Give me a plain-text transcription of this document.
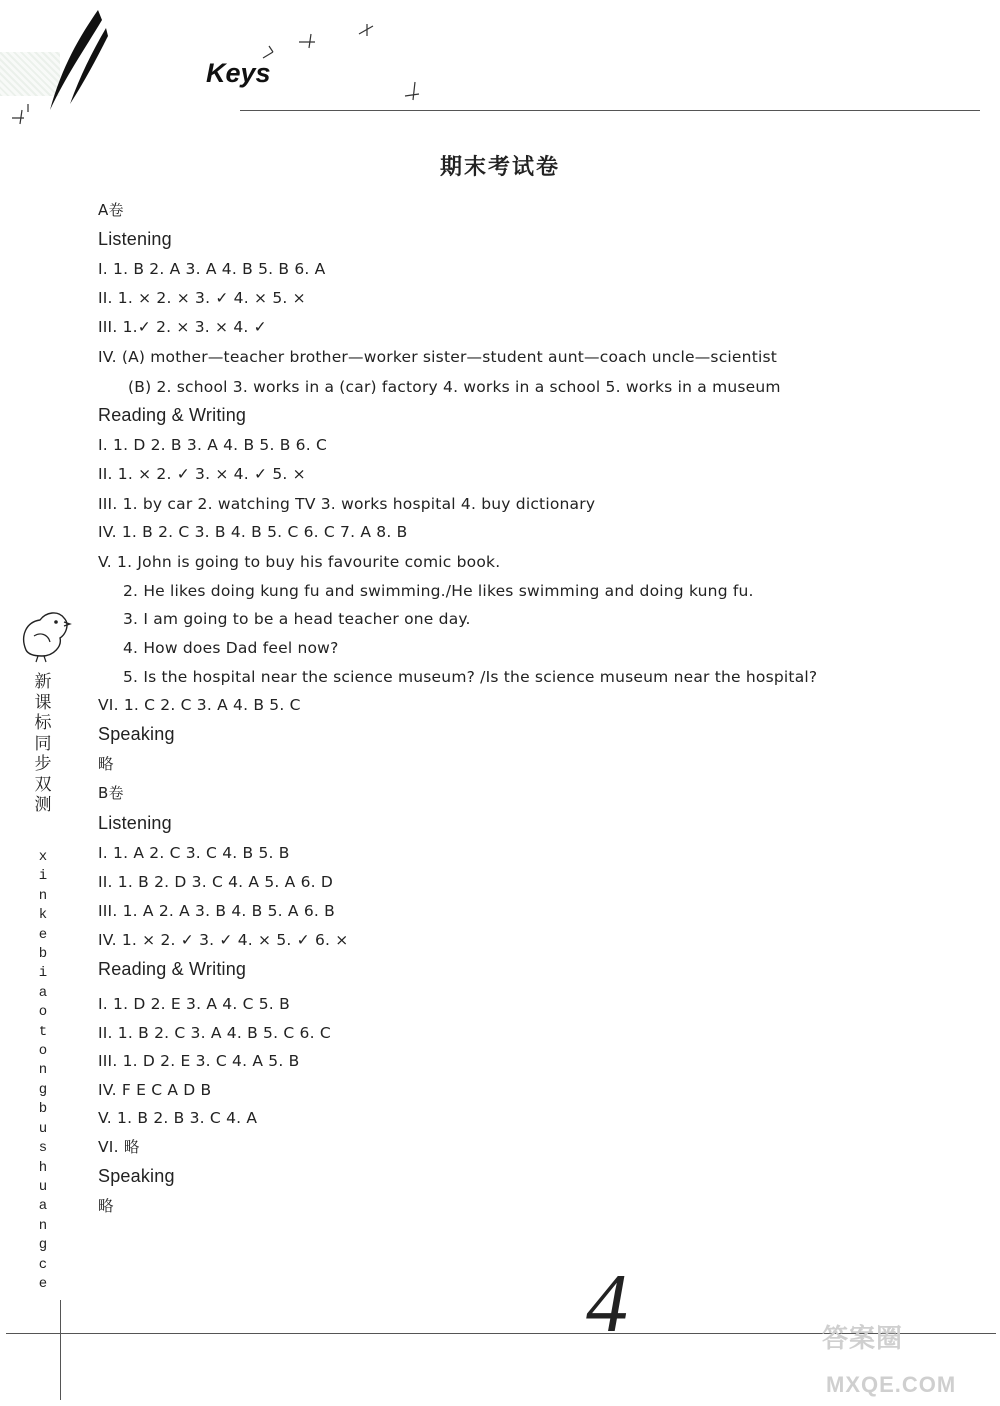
Keys
期末考试卷
A卷
Listening
I. 1. B 2. A 3. A 4. B 5. B 6. A
II. 1. × 2. × 3. ✓ 4. × 5. ×
III. 1.✓ 2. × 3. × 4. ✓
IV. (A) mother—teacher brother—worker sister—student aunt—coach uncle—scientist
(B) 2. school 3. works in a (car) factory 4. works in a school 5. works in a museum
Reading & Writing
I. 1. D 2. B 3. A 4. B 5. B 6. C
II. 1. × 2. ✓ 3. × 4. ✓ 5. ×
III. 1. by car 2. watching TV 3. works hospital 4. buy dictionary
IV. 1. B 2. C 3. B 4. B 5. C 6. C 7. A 8. B
V. 1. John is going to buy his favourite comic book.
2. He likes doing kung fu and swimming./He likes swimming and doing kung fu.
3. I am going to be a head teacher one day.
4. How does Dad feel now?
5. Is the hospital near the science museum? /Is the science museum near the hospital?
VI. 1. C 2. C 3. A 4. B 5. C
Speaking
略
B卷
Listening
I. 1. A 2. C 3. C 4. B 5. B
II. 1. B 2. D 3. C 4. A 5. A 6. D
III. 1. A 2. A 3. B 4. B 5. A 6. B
IV. 1. × 2. ✓ 3. ✓ 4. × 5. ✓ 6. ×
Reading & Writing
I. 1. D 2. E 3. A 4. C 5. B
II. 1. B 2. C 3. A 4. B 5. C 6. C
III. 1. D 2. E 3. C 4. A 5. B
IV. F E C A D B
V. 1. B 2. B 3. C 4. A
VI. 略
Speaking
略
新
课
标
同
步
双
测
x
i
n
k
e
b
i
a
o
t
o
n
g
b
u
s
h
u
a
n
g
c
e	4	答案圈
MXQE.COM
